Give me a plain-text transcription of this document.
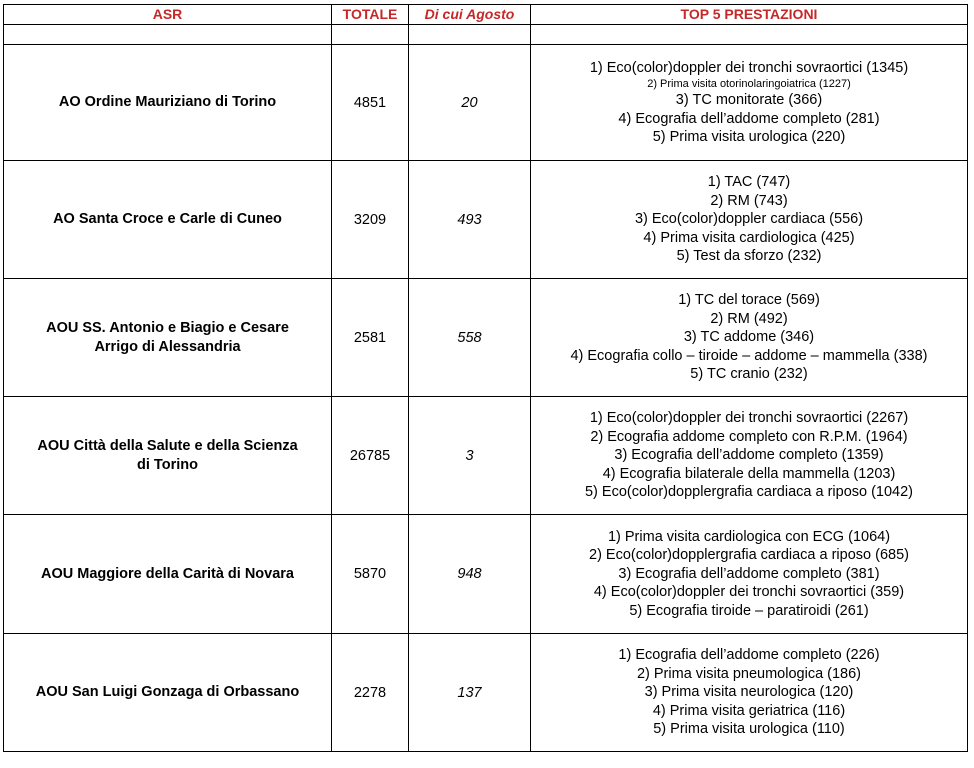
ASR	TOTALE	Di cui Agosto	TOP 5 PRESTAZIONI

AO Ordine Mauriziano di Torino	4851	20	1) Eco(color)doppler dei tronchi sovraortici (1345)
2) Prima visita otorinolaringoiatrica (1227)
3) TC monitorate (366)
4) Ecografia dell’addome completo (281)
5) Prima visita urologica (220)

AO Santa Croce e Carle di Cuneo	3209	493	1) TAC (747)
2) RM (743)
3) Eco(color)doppler cardiaca (556)
4) Prima visita cardiologica (425)
5) Test da sforzo (232)

AOU SS. Antonio e Biagio e Cesare
Arrigo di Alessandria	2581	558	1) TC del torace (569)
2) RM (492)
3) TC addome (346)
4) Ecografia collo – tiroide – addome – mammella (338)
5) TC cranio (232)

AOU Città della Salute e della Scienza
di Torino	26785	3	1) Eco(color)doppler dei tronchi sovraortici (2267)
2) Ecografia addome completo con R.P.M. (1964)
3) Ecografia dell’addome completo (1359)
4) Ecografia bilaterale della mammella (1203)
5) Eco(color)dopplergrafia cardiaca a riposo (1042)

AOU Maggiore della Carità di Novara	5870	948	1) Prima visita cardiologica con ECG (1064)
2) Eco(color)dopplergrafia cardiaca a riposo (685)
3) Ecografia dell’addome completo (381)
4) Eco(color)doppler dei tronchi sovraortici (359)
5) Ecografia tiroide – paratiroidi (261)

AOU San Luigi Gonzaga di Orbassano	2278	137	1) Ecografia dell’addome completo (226)
2) Prima visita pneumologica (186)
3) Prima visita neurologica (120)
4) Prima visita geriatrica (116)
5) Prima visita urologica (110)
